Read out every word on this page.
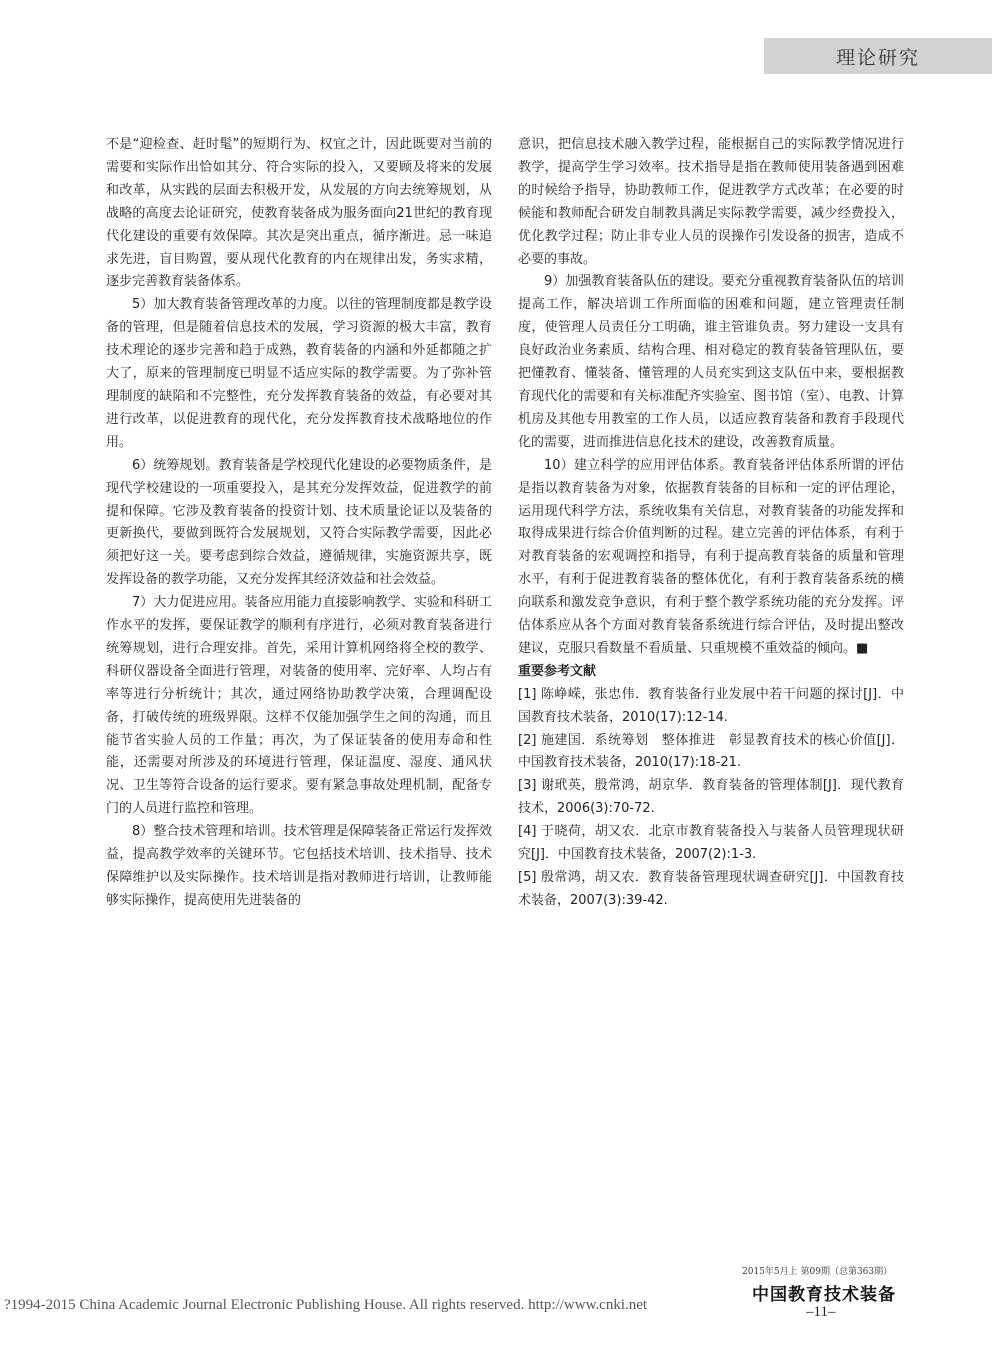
理论研究

不是“迎检查、赶时髦”的短期行为、权宜之计，因此既要对当前的需要和实际作出恰如其分、符合实际的投入，又要顾及将来的发展和改革，从实践的层面去积极开发，从发展的方向去统筹规划，从战略的高度去论证研究，使教育装备成为服务面向21世纪的教育现代化建设的重要有效保障。其次是突出重点，循序渐进。忌一味追求先进，盲目购置，要从现代化教育的内在规律出发，务实求精，逐步完善教育装备体系。

5）加大教育装备管理改革的力度。以往的管理制度都是教学设备的管理，但是随着信息技术的发展，学习资源的极大丰富，教育技术理论的逐步完善和趋于成熟，教育装备的内涵和外延都随之扩大了，原来的管理制度已明显不适应实际的教学需要。为了弥补管理制度的缺陷和不完整性，充分发挥教育装备的效益，有必要对其进行改革，以促进教育的现代化，充分发挥教育技术战略地位的作用。

6）统筹规划。教育装备是学校现代化建设的必要物质条件，是现代学校建设的一项重要投入，是其充分发挥效益，促进教学的前提和保障。它涉及教育装备的投资计划、技术质量论证以及装备的更新换代，要做到既符合发展规划，又符合实际教学需要，因此必须把好这一关。要考虑到综合效益，遵循规律，实施资源共享，既发挥设备的教学功能，又充分发挥其经济效益和社会效益。

7）大力促进应用。装备应用能力直接影响教学、实验和科研工作水平的发挥，要保证教学的顺利有序进行，必须对教育装备进行统筹规划，进行合理安排。首先，采用计算机网络将全校的教学、科研仪器设备全面进行管理，对装备的使用率、完好率、人均占有率等进行分析统计；其次，通过网络协助教学决策，合理调配设备，打破传统的班级界限。这样不仅能加强学生之间的沟通，而且能节省实验人员的工作量；再次，为了保证装备的使用寿命和性能，还需要对所涉及的环境进行管理，保证温度、湿度、通风状况、卫生等符合设备的运行要求。要有紧急事故处理机制，配备专门的人员进行监控和管理。

8）整合技术管理和培训。技术管理是保障装备正常运行发挥效益，提高教学效率的关键环节。它包括技术培训、技术指导、技术保障维护以及实际操作。技术培训是指对教师进行培训，让教师能够实际操作，提高使用先进装备的

意识，把信息技术融入教学过程，能根据自己的实际教学情况进行教学，提高学生学习效率。技术指导是指在教师使用装备遇到困难的时候给予指导，协助教师工作，促进教学方式改革；在必要的时候能和教师配合研发自制教具满足实际教学需要，减少经费投入，优化教学过程；防止非专业人员的误操作引发设备的损害，造成不必要的事故。

9）加强教育装备队伍的建设。要充分重视教育装备队伍的培训提高工作，解决培训工作所面临的困难和问题，建立管理责任制度，使管理人员责任分工明确，谁主管谁负责。努力建设一支具有良好政治业务素质、结构合理、相对稳定的教育装备管理队伍，要把懂教育、懂装备、懂管理的人员充实到这支队伍中来，要根据教育现代化的需要和有关标准配齐实验室、图书馆（室）、电教、计算机房及其他专用教室的工作人员，以适应教育装备和教育手段现代化的需要，进而推进信息化技术的建设，改善教育质量。

10）建立科学的应用评估体系。教育装备评估体系所谓的评估是指以教育装备为对象，依据教育装备的目标和一定的评估理论，运用现代科学方法，系统收集有关信息，对教育装备的功能发挥和取得成果进行综合价值判断的过程。建立完善的评估体系，有利于对教育装备的宏观调控和指导，有利于提高教育装备的质量和管理水平，有利于促进教育装备的整体优化，有利于教育装备系统的横向联系和激发竞争意识，有利于整个教学系统功能的充分发挥。评估体系应从各个方面对教育装备系统进行综合评估，及时提出整改建议，克服只看数量不看质量、只重规模不重效益的倾向。■

重要参考文献

[1] 陈峥嵘，张忠伟．教育装备行业发展中若干问题的探讨[J]．中国教育技术装备，2010(17):12-14.

[2] 施建国．系统筹划　整体推进　彰显教育技术的核心价值[J]．中国教育技术装备，2010(17):18-21.

[3] 谢玳英，殷常鸿，胡京华．教育装备的管理体制[J]．现代教育技术，2006(3):70-72.

[4] 于晓荷，胡又农．北京市教育装备投入与装备人员管理现状研究[J]．中国教育技术装备，2007(2):1-3.

[5] 殷常鸿，胡又农．教育装备管理现状调查研究[J]．中国教育技术装备，2007(3):39-42.

2015年5月上 第09期（总第363期）
中国教育技术装备
?1994-2015 China Academic Journal Electronic Publishing House. All rights reserved. http://www.cnki.net	–11–
